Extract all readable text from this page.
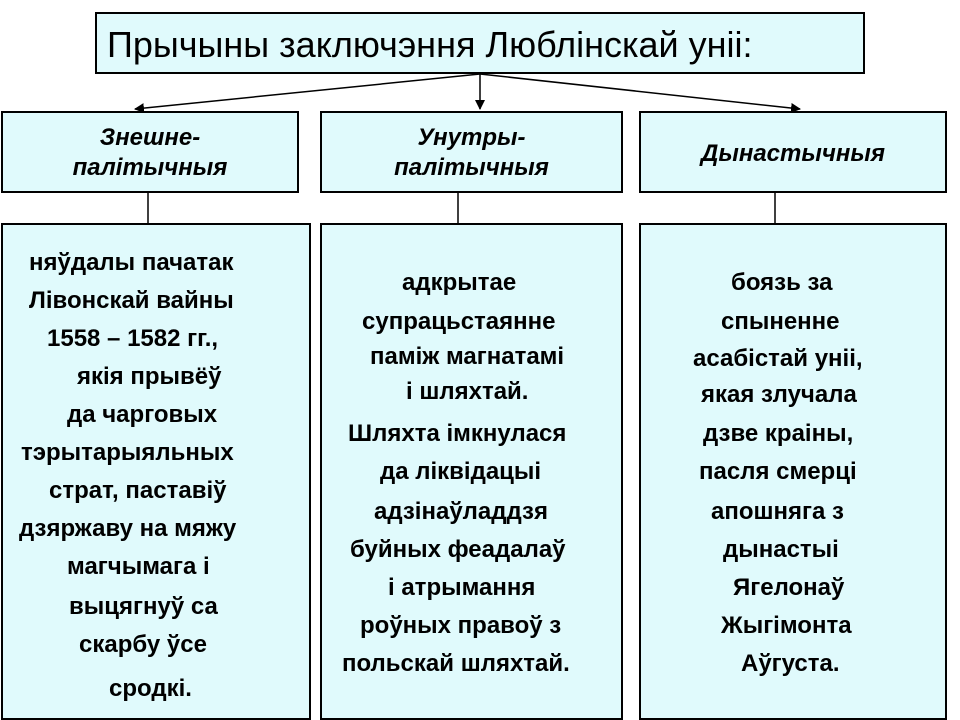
Прычыны заключэння Люблінскай уніі:
Знешне-
палітычныя
Унутры-
палітычныя
Дынастычныя
няўдалы пачатак
Лівонскай вайны
1558 – 1582 гг.,
якія прывёў
да чарговых
тэрытарыяльных
страт, паставіў
дзяржаву на мяжу
магчымага і
выцягнуў са
скарбу ўсе
сродкі.
адкрытае
супрацьстаянне
паміж магнатамі
і шляхтай.
Шляхта імкнулася
да ліквідацыі
адзінаўладдзя
буйных феадалаў
і атрымання
роўных правоў з
польскай шляхтай.
боязь за
спыненне
асабістай уніі,
якая злучала
дзве краіны,
пасля смерці
апошняга з
дынастыі
Ягелонаў
Жыгімонта
Аўгуста.
